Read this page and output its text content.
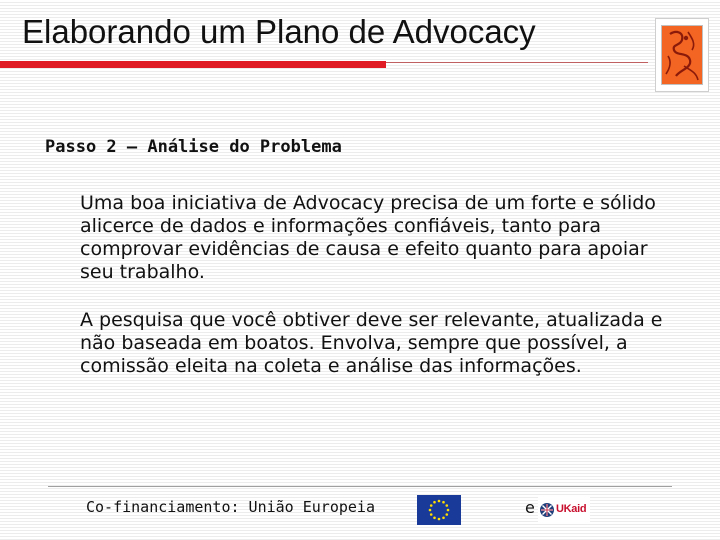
Elaborando um Plano de Advocacy
Passo 2 – Análise do Problema
Uma boa iniciativa de Advocacy precisa de um forte e sólido alicerce de dados e informações confiáveis, tanto para comprovar evidências de causa e efeito quanto para apoiar seu trabalho.
A pesquisa que você obtiver deve ser relevante, atualizada e não baseada em boatos. Envolva, sempre que possível, a comissão eleita na coleta e análise das informações.
Co-financiamento: União Europeia	e UKaid
